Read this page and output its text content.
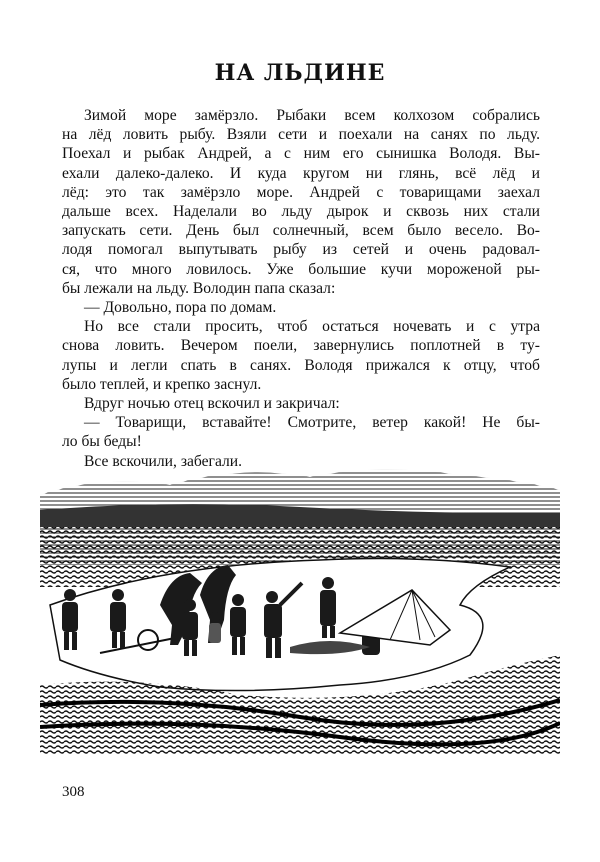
НА ЛЬДИНЕ
Зимой море замёрзло. Рыбаки всем колхозом собрались
на лёд ловить рыбу. Взяли сети и поехали на санях по льду.
Поехал и рыбак Андрей, а с ним его сынишка Володя. Вы-
ехали далеко-далеко. И куда кругом ни глянь, всё лёд и
лёд: это так замёрзло море. Андрей с товарищами заехал
дальше всех. Наделали во льду дырок и сквозь них стали
запускать сети. День был солнечный, всем было весело. Во-
лодя помогал выпутывать рыбу из сетей и очень радовал-
ся, что много ловилось. Уже большие кучи мороженой ры-
бы лежали на льду. Володин папа сказал:
— Довольно, пора по домам.
Но все стали просить, чтоб остаться ночевать и с утра
снова ловить. Вечером поели, завернулись поплотней в ту-
лупы и легли спать в санях. Володя прижался к отцу, чтоб
было теплей, и крепко заснул.
Вдруг ночью отец вскочил и закричал:
— Товарищи, вставайте! Смотрите, ветер какой! Не бы-
ло бы беды!
Все вскочили, забегали.
308
